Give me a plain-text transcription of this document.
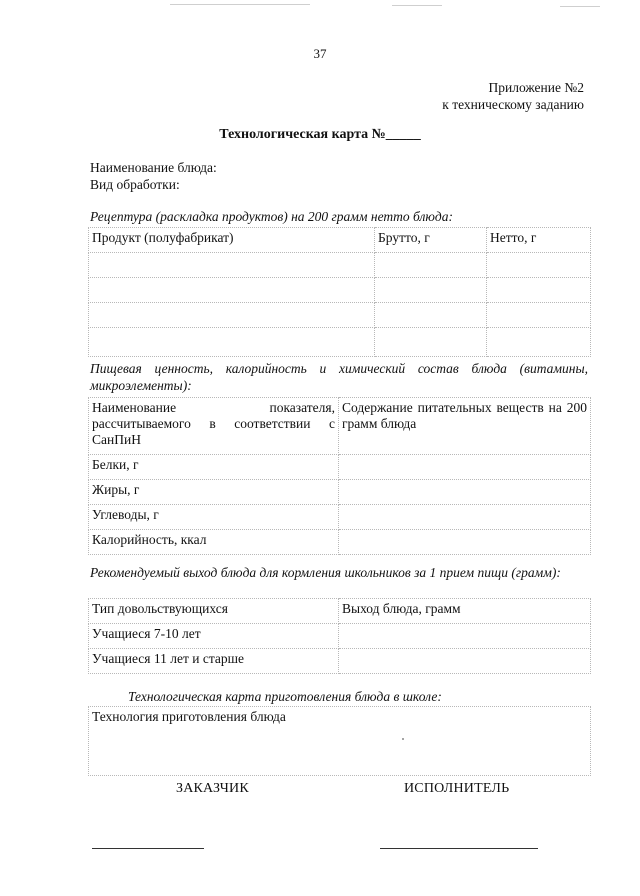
37
Приложение №2
к техническому заданию
Технологическая карта №_____
Наименование блюда:
Вид обработки:
Рецептура (раскладка продуктов) на 200 грамм нетто блюда:
Продукт (полуфабрикат)	Брутто, г	Нетто, г

Пищевая ценность, калорийность и химический состав блюда (витамины, микроэлементы):
Наименование показателя, рассчитываемого в соответствии с СанПиН	Содержание питательных веществ на 200 грамм блюда
Белки, г	
Жиры, г	
Углеводы, г	
Калорийность, ккал	
Рекомендуемый выход блюда для кормления школьников за 1 прием пищи (грамм):
Тип довольствующихся	Выход блюда, грамм
Учащиеся 7-10 лет	
Учащиеся 11 лет и старше	
Технологическая карта приготовления блюда в школе:
Технология приготовления блюда
ЗАКАЗЧИК	ИСПОЛНИТЕЛЬ
